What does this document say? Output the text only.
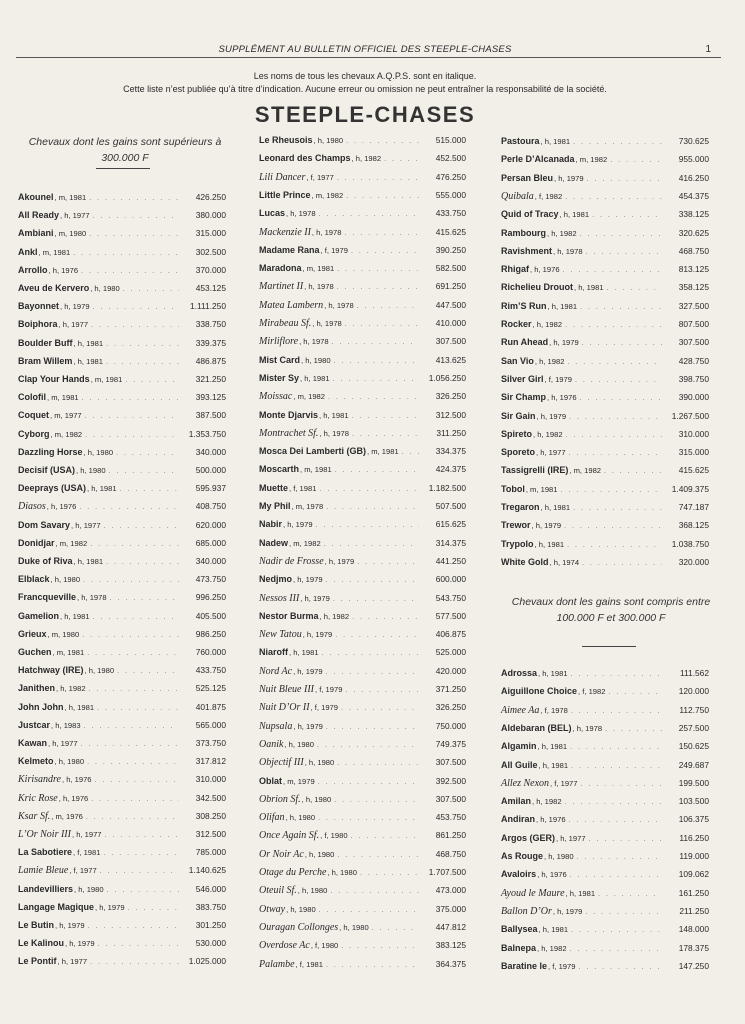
SUPPLÉMENT AU BULLETIN OFFICIEL DES STEEPLE-CHASES	1
Les noms de tous les chevaux A.Q.P.S. sont en italique.
Cette liste n’est publiée qu’à titre d’indication. Aucune erreur ou omission ne peut entraîner la responsabilité de la société.
STEEPLE-CHASES
Chevaux dont les gains sont supérieurs à
300.000 F
Chevaux dont les gains sont compris entre
100.000 F et 300.000 F
Akounel , m, 1981 . . .	426.250
All Ready , h, 1977 . . .	380.000
Ambiani , m, 1980 . . .	315.000
Ankl , m, 1981 . . .	302.500
Arrollo , h, 1976 . . .	370.000
Aveu de Kervero , h, 1980 . . .	453.125
Bayonnet , h, 1979 . . .	1.111.250
Boiphora , h, 1977 . . .	338.750
Boulder Buff , h, 1981 . . .	339.375
Bram Willem , h, 1981 . . .	486.875
Clap Your Hands , m, 1981 . . .	321.250
Colofil , m, 1981 . . .	393.125
Coquet , m, 1977 . . .	387.500
Cyborg , m, 1982 . . .	1.353.750
Dazzling Horse , h, 1980 . . .	340.000
Decisif (USA) , h, 1980 . . .	500.000
Deeprays (USA) , h, 1981 . . .	595.937
Diasos , h, 1976 . . .	408.750
Dom Savary , h, 1977 . . .	620.000
Donidjar , m, 1982 . . .	685.000
Duke of Riva , h, 1981 . . .	340.000
Elblack , h, 1980 . . .	473.750
Francqueville , h, 1978 . . .	996.250
Gamelion , h, 1981 . . .	405.500
Grieux , m, 1980 . . .	986.250
Guchen , m, 1981 . . .	760.000
Hatchway (IRE) , h, 1980 . . .	433.750
Janithen , h, 1982 . . .	525.125
John John , h, 1981 . . .	401.875
Justcar , h, 1983 . . .	565.000
Kawan , h, 1977 . . .	373.750
Kelmeto , h, 1980 . . .	317.812
Kirisandre , h, 1976 . . .	310.000
Kric Rose , h, 1976 . . .	342.500
Ksar Sf. , m, 1976 . . .	308.250
L’Or Noir III , h, 1977 . . .	312.500
La Sabotiere , f, 1981 . . .	785.000
Lamie Bleue , f, 1977 . . .	1.140.625
Landevilliers , h, 1980 . . .	546.000
Langage Magique , h, 1979 . . .	383.750
Le Butin , h, 1979 . . .	301.250
Le Kalinou , h, 1979 . . .	530.000
Le Pontif , h, 1977 . . .	1.025.000
Le Rheusois , h, 1980 . . .	515.000
Leonard des Champs , h, 1982 . . .	452.500
Lili Dancer , f, 1977 . . .	476.250
Little Prince , m, 1982 . . .	555.000
Lucas , h, 1978 . . .	433.750
Mackenzie II , h, 1978 . . .	415.625
Madame Rana , f, 1979 . . .	390.250
Maradona , m, 1981 . . .	582.500
Martinet II , h, 1978 . . .	691.250
Matea Lambern , h, 1978 . . .	447.500
Mirabeau Sf. , h, 1978 . . .	410.000
Mirliflore , h, 1978 . . .	307.500
Mist Card , h, 1980 . . .	413.625
Mister Sy , h, 1981 . . .	1.056.250
Moissac , m, 1982 . . .	326.250
Monte Djarvis , h, 1981 . . .	312.500
Montrachet Sf. , h, 1978 . . .	311.250
Mosca Dei Lamberti (GB) , m, 1981 . . .	334.375
Moscarth , m, 1981 . . .	424.375
Muette , f, 1981 . . .	1.182.500
My Phil , m, 1978 . . .	507.500
Nabir , h, 1979 . . .	615.625
Nadew , m, 1982 . . .	314.375
Nadir de Frosse , h, 1979 . . .	441.250
Nedjmo , h, 1979 . . .	600.000
Nessos III , h, 1979 . . .	543.750
Nestor Burma , h, 1982 . . .	577.500
New Tatou , h, 1979 . . .	406.875
Niaroff , h, 1981 . . .	525.000
Nord Ac , h, 1979 . . .	420.000
Nuit Bleue III , f, 1979 . . .	371.250
Nuit D’Or II , f, 1979 . . .	326.250
Nupsala , h, 1979 . . .	750.000
Oanik , h, 1980 . . .	749.375
Objectif III , h, 1980 . . .	307.500
Oblat , m, 1979 . . .	392.500
Obrion Sf. , h, 1980 . . .	307.500
Olifan , h, 1980 . . .	453.750
Once Again Sf. , f, 1980 . . .	861.250
Or Noir Ac , h, 1980 . . .	468.750
Otage du Perche , h, 1980 . . .	1.707.500
Oteuil Sf. , h, 1980 . . .	473.000
Otway , h, 1980 . . .	375.000
Ouragan Collonges , h, 1980 . . .	447.812
Overdose Ac , f, 1980 . . .	383.125
Palambe , f, 1981 . . .	364.375
Pastoura , h, 1981 . . .	730.625
Perle D’Alcanada , m, 1982 . . .	955.000
Persan Bleu , h, 1979 . . .	416.250
Quibala , f, 1982 . . .	454.375
Quid of Tracy , h, 1981 . . .	338.125
Rambourg , h, 1982 . . .	320.625
Ravishment , h, 1978 . . .	468.750
Rhigaf , h, 1976 . . .	813.125
Richelieu Drouot , h, 1981 . . .	358.125
Rim’S Run , h, 1981 . . .	327.500
Rocker , h, 1982 . . .	807.500
Run Ahead , h, 1979 . . .	307.500
San Vio , h, 1982 . . .	428.750
Silver Girl , f, 1979 . . .	398.750
Sir Champ , h, 1976 . . .	390.000
Sir Gain , h, 1979 . . .	1.267.500
Spireto , h, 1982 . . .	310.000
Sporeto , h, 1977 . . .	315.000
Tassigrelli (IRE) , m, 1982 . . .	415.625
Tobol , m, 1981 . . .	1.409.375
Tregaron , h, 1981 . . .	747.187
Trewor , h, 1979 . . .	368.125
Trypolo , h, 1981 . . .	1.038.750
White Gold , h, 1974 . . .	320.000
Adrossa , h, 1981 . . .	111.562
Aiguillone Choice , f, 1982 . . .	120.000
Aimee Aa , f, 1978 . . .	112.750
Aldebaran (BEL) , h, 1978 . . .	257.500
Algamin , h, 1981 . . .	150.625
All Guile , h, 1981 . . .	249.687
Allez Nexon , f, 1977 . . .	199.500
Amilan , h, 1982 . . .	103.500
Andiran , h, 1976 . . .	106.375
Argos (GER) , h, 1977 . . .	116.250
As Rouge , h, 1980 . . .	119.000
Avaloirs , h, 1976 . . .	109.062
Ayoud le Maure , h, 1981 . . .	161.250
Ballon D’Or , h, 1979 . . .	211.250
Ballysea , h, 1981 . . .	148.000
Balnepa , h, 1982 . . .	178.375
Baratine le , f, 1979 . . .	147.250
